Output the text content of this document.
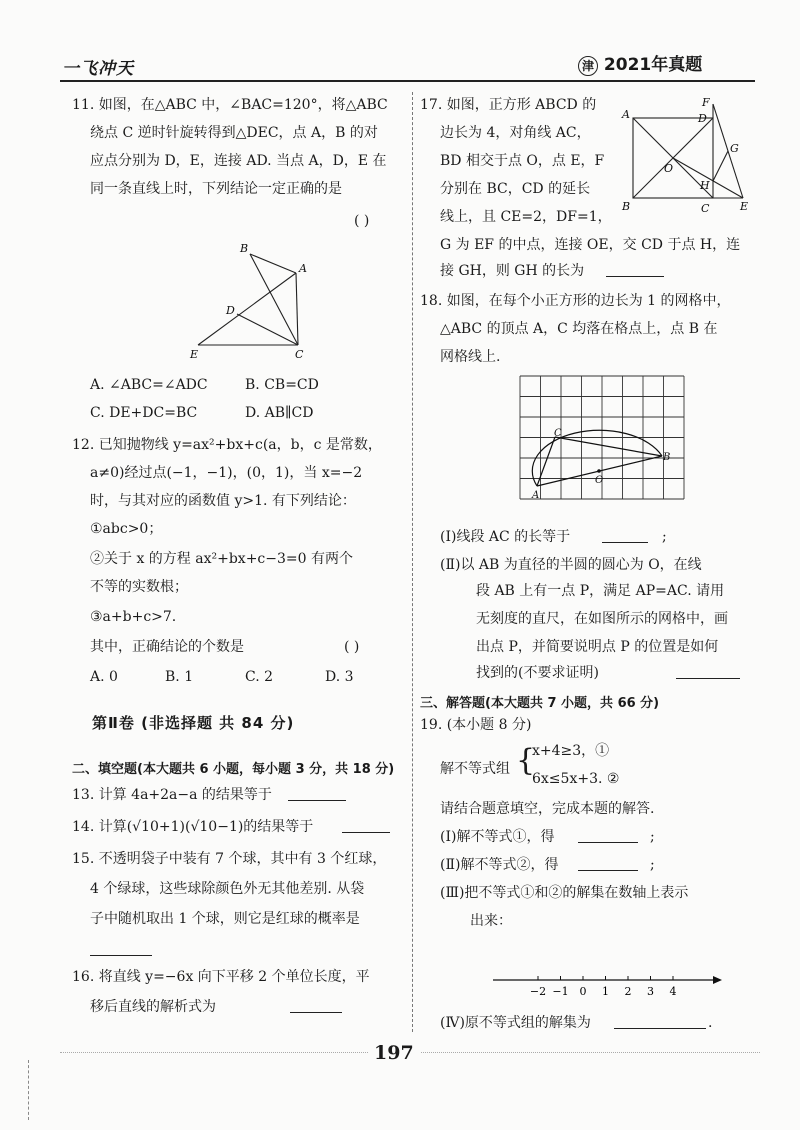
一飞冲天	津 2021年真题
11. 如图，在△ABC 中，∠BAC=120°，将△ABC
绕点 C 逆时针旋转得到△DEC，点 A，B 的对
应点分别为 D，E，连接 AD. 当点 A，D，E 在
同一条直线上时，下列结论一定正确的是
( )
B
A
D
E	C
A. ∠ABC=∠ADC	B. CB=CD
C. DE+DC=BC	D. AB∥CD
12. 已知抛物线 y=ax²+bx+c(a，b，c 是常数，
a≠0)经过点(−1，−1)，(0，1)，当 x=−2
时，与其对应的函数值 y>1. 有下列结论：
①abc>0；
②关于 x 的方程 ax²+bx+c−3=0 有两个
不等的实数根；
③a+b+c>7.
其中，正确结论的个数是	( )
A. 0	B. 1	C. 2	D. 3
第Ⅱ卷 (非选择题 共 84 分)
二、填空题(本大题共 6 小题，每小题 3 分，共 18 分)
13. 计算 4a+2a−a 的结果等于
14. 计算(√10+1)(√10−1)的结果等于
15. 不透明袋子中装有 7 个球，其中有 3 个红球，
4 个绿球，这些球除颜色外无其他差别. 从袋
子中随机取出 1 个球，则它是红球的概率是
16. 将直线 y=−6x 向下平移 2 个单位长度，平
移后直线的解析式为
17. 如图，正方形 ABCD 的
边长为 4，对角线 AC，
BD 相交于点 O，点 E，F
分别在 BC，CD 的延长
线上，且 CE=2，DF=1，
G 为 EF 的中点，连接 OE，交 CD 于点 H，连
接 GH，则 GH 的长为
A
B	C
D
E
F
G
H
O
18. 如图，在每个小正方形的边长为 1 的网格中，
△ABC 的顶点 A，C 均落在格点上，点 B 在
网格线上.
A
B
C
O
(Ⅰ)线段 AC 的长等于	;
(Ⅱ)以 AB 为直径的半圆的圆心为 O，在线
段 AB 上有一点 P，满足 AP=AC. 请用
无刻度的直尺，在如图所示的网格中，画
出点 P，并简要说明点 P 的位置是如何
找到的(不要求证明)
三、解答题(本大题共 7 小题，共 66 分)
19. (本小题 8 分)
解不等式组 {
x+4≥3，①
6x≤5x+3. ②
请结合题意填空，完成本题的解答.
(Ⅰ)解不等式①，得	;
(Ⅱ)解不等式②，得	;
(Ⅲ)把不等式①和②的解集在数轴上表示
出来：
−2 −1 0 1 2 3 4
(Ⅳ)原不等式组的解集为	.
197
